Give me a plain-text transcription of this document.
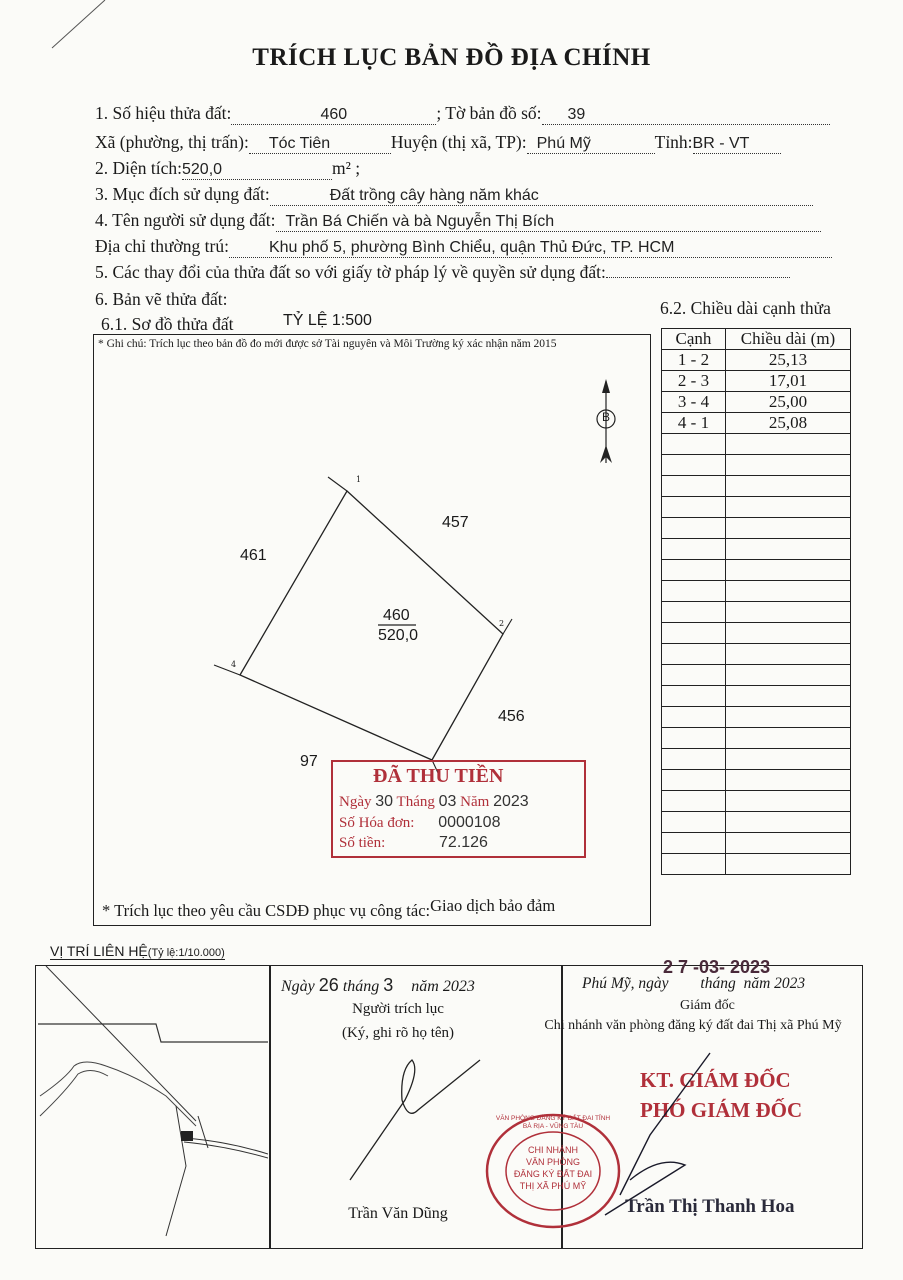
TRÍCH LỤC BẢN ĐỒ ĐỊA CHÍNH
1. Số hiệu thửa đất:	460	; Tờ bản đồ số: 39
Xã (phường, thị trấn): Tóc Tiên	Huyện (thị xã, TP): Phú Mỹ	Tỉnh:BR - VT
2. Diện tích:520,0	m² ;
3. Mục đích sử dụng đất:	Đất trồng cây hàng năm khác
4. Tên người sử dụng đất: Trần Bá Chiến và bà Nguyễn Thị Bích
Địa chỉ thường trú:	Khu phố 5, phường Bình Chiểu, quận Thủ Đức, TP. HCM
5. Các thay đổi của thửa đất so với giấy tờ pháp lý về quyền sử dụng đất:
6. Bản vẽ thửa đất:
6.1. Sơ đồ thửa đất	TỶ LỆ 1:500
6.2. Chiều dài cạnh thửa
* Ghi chú: Trích lục theo bản đồ đo mới được sở Tài nguyên và Môi Trường ký xác nhận năm 2015
B
461
457
456
97
460
520,0
1
2
4
* Trích lục theo yêu cầu CSDĐ phục vụ công tác:Giao dịch bảo đảm
ĐÃ THU TIỀN
Ngày 30 Tháng 03 Năm 2023
Số Hóa đơn: 0000108
Số tiền:	72.126
Cạnh	Chiều dài (m)
1 - 2	25,13
2 - 3	17,01
3 - 4	25,00
4 - 1	25,08

VỊ TRÍ LIÊN HỆ(Tỷ lệ:1/10.000)
Ngày 26 tháng 3 năm 2023
Người trích lục
(Ký, ghi rõ họ tên)
Trần Văn Dũng
Phú Mỹ, ngày tháng năm 2023
2 7 -03- 2023
Giám đốc
Chi nhánh văn phòng đăng ký đất đai Thị xã Phú Mỹ
KT. GIÁM ĐỐC
PHÓ GIÁM ĐỐC
CHI NHÁNH
VĂN PHÒNG
ĐĂNG KÝ ĐẤT ĐAI
THỊ XÃ PHÚ MỸ
VĂN PHÒNG ĐĂNG KÝ ĐẤT ĐAI TỈNH BÀ RỊA - VŨNG TÀU
Trần Thị Thanh Hoa
